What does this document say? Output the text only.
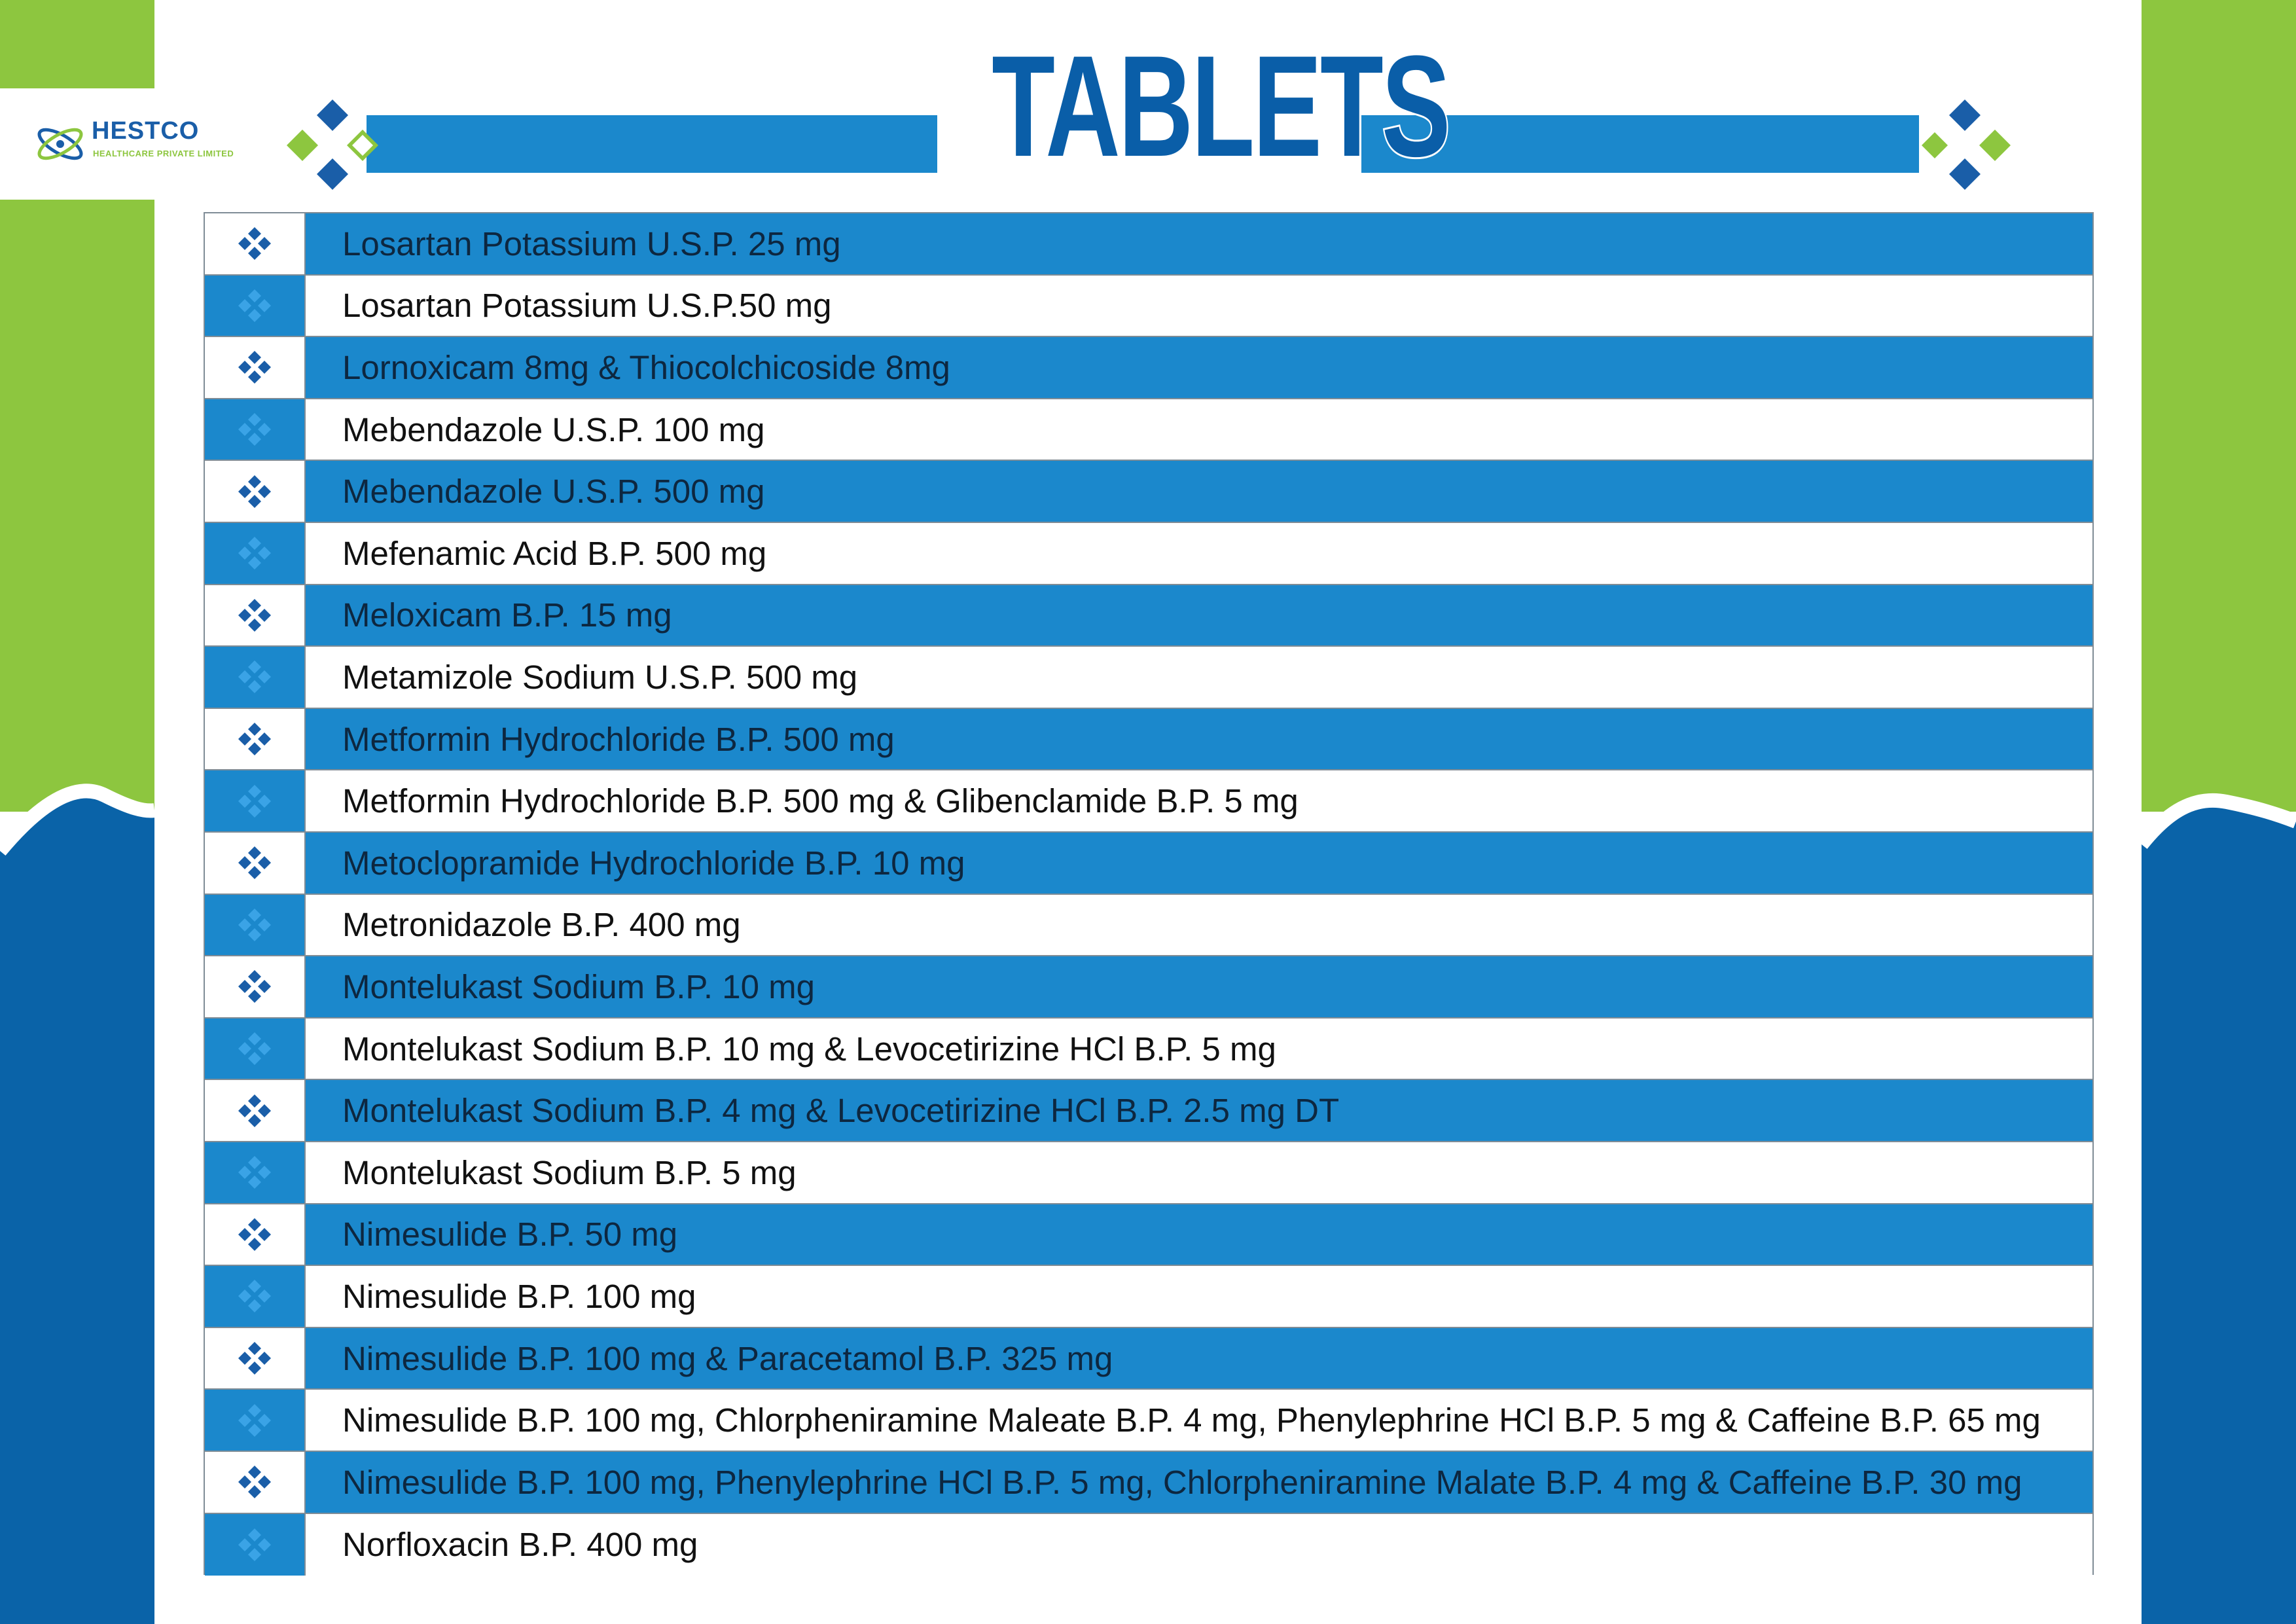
HESTCO
HEALTHCARE PRIVATE LIMITED	TABLETS
Losartan Potassium U.S.P. 25 mg
Losartan Potassium U.S.P.50 mg
Lornoxicam 8mg & Thiocolchicoside 8mg
Mebendazole U.S.P. 100 mg
Mebendazole U.S.P. 500 mg
Mefenamic Acid B.P. 500 mg
Meloxicam B.P. 15 mg
Metamizole Sodium U.S.P. 500 mg
Metformin Hydrochloride B.P. 500 mg
Metformin Hydrochloride B.P. 500 mg & Glibenclamide B.P. 5 mg
Metoclopramide Hydrochloride B.P. 10 mg
Metronidazole B.P. 400 mg
Montelukast Sodium B.P. 10 mg
Montelukast Sodium B.P. 10 mg & Levocetirizine HCl B.P. 5 mg
Montelukast Sodium B.P. 4 mg & Levocetirizine HCl B.P. 2.5 mg DT
Montelukast Sodium B.P. 5 mg
Nimesulide B.P. 50 mg
Nimesulide B.P. 100 mg
Nimesulide B.P. 100 mg & Paracetamol B.P. 325 mg
Nimesulide B.P. 100 mg, Chlorpheniramine Maleate B.P. 4 mg, Phenylephrine HCl B.P. 5 mg & Caffeine B.P. 65 mg
Nimesulide B.P. 100 mg, Phenylephrine HCl B.P. 5 mg, Chlorpheniramine Malate B.P. 4 mg & Caffeine B.P. 30 mg
Norfloxacin B.P. 400 mg
